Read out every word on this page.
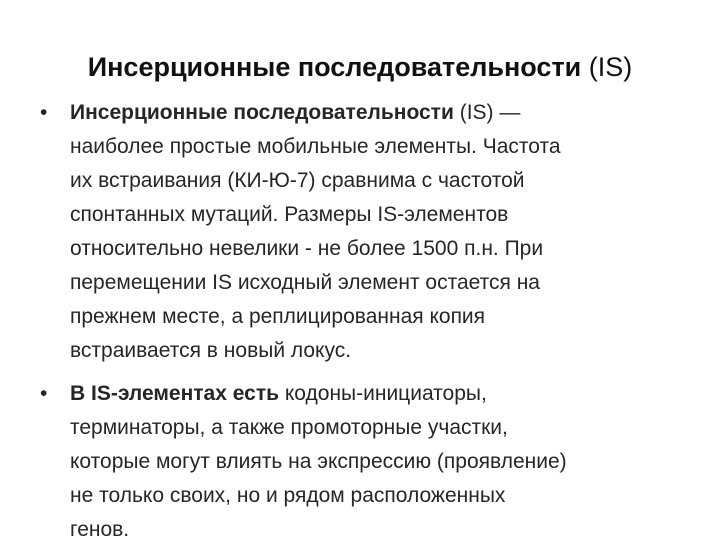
Инсерционные последовательности (IS)
• Инсерционные последовательности (IS) —
наиболее простые мобильные элементы. Частота
их встраивания (КИ-Ю-7) сравнима с частотой
спонтанных мутаций. Размеры IS-элементов
относительно невелики - не более 1500 п.н. При
перемещении IS исходный элемент остается на
прежнем месте, а реплицированная копия
встраивается в новый локус.
• В IS-элементах есть кодоны-инициаторы,
терминаторы, а также промоторные участки,
которые могут влиять на экспрессию (проявление)
не только своих, но и рядом расположенных
генов.
